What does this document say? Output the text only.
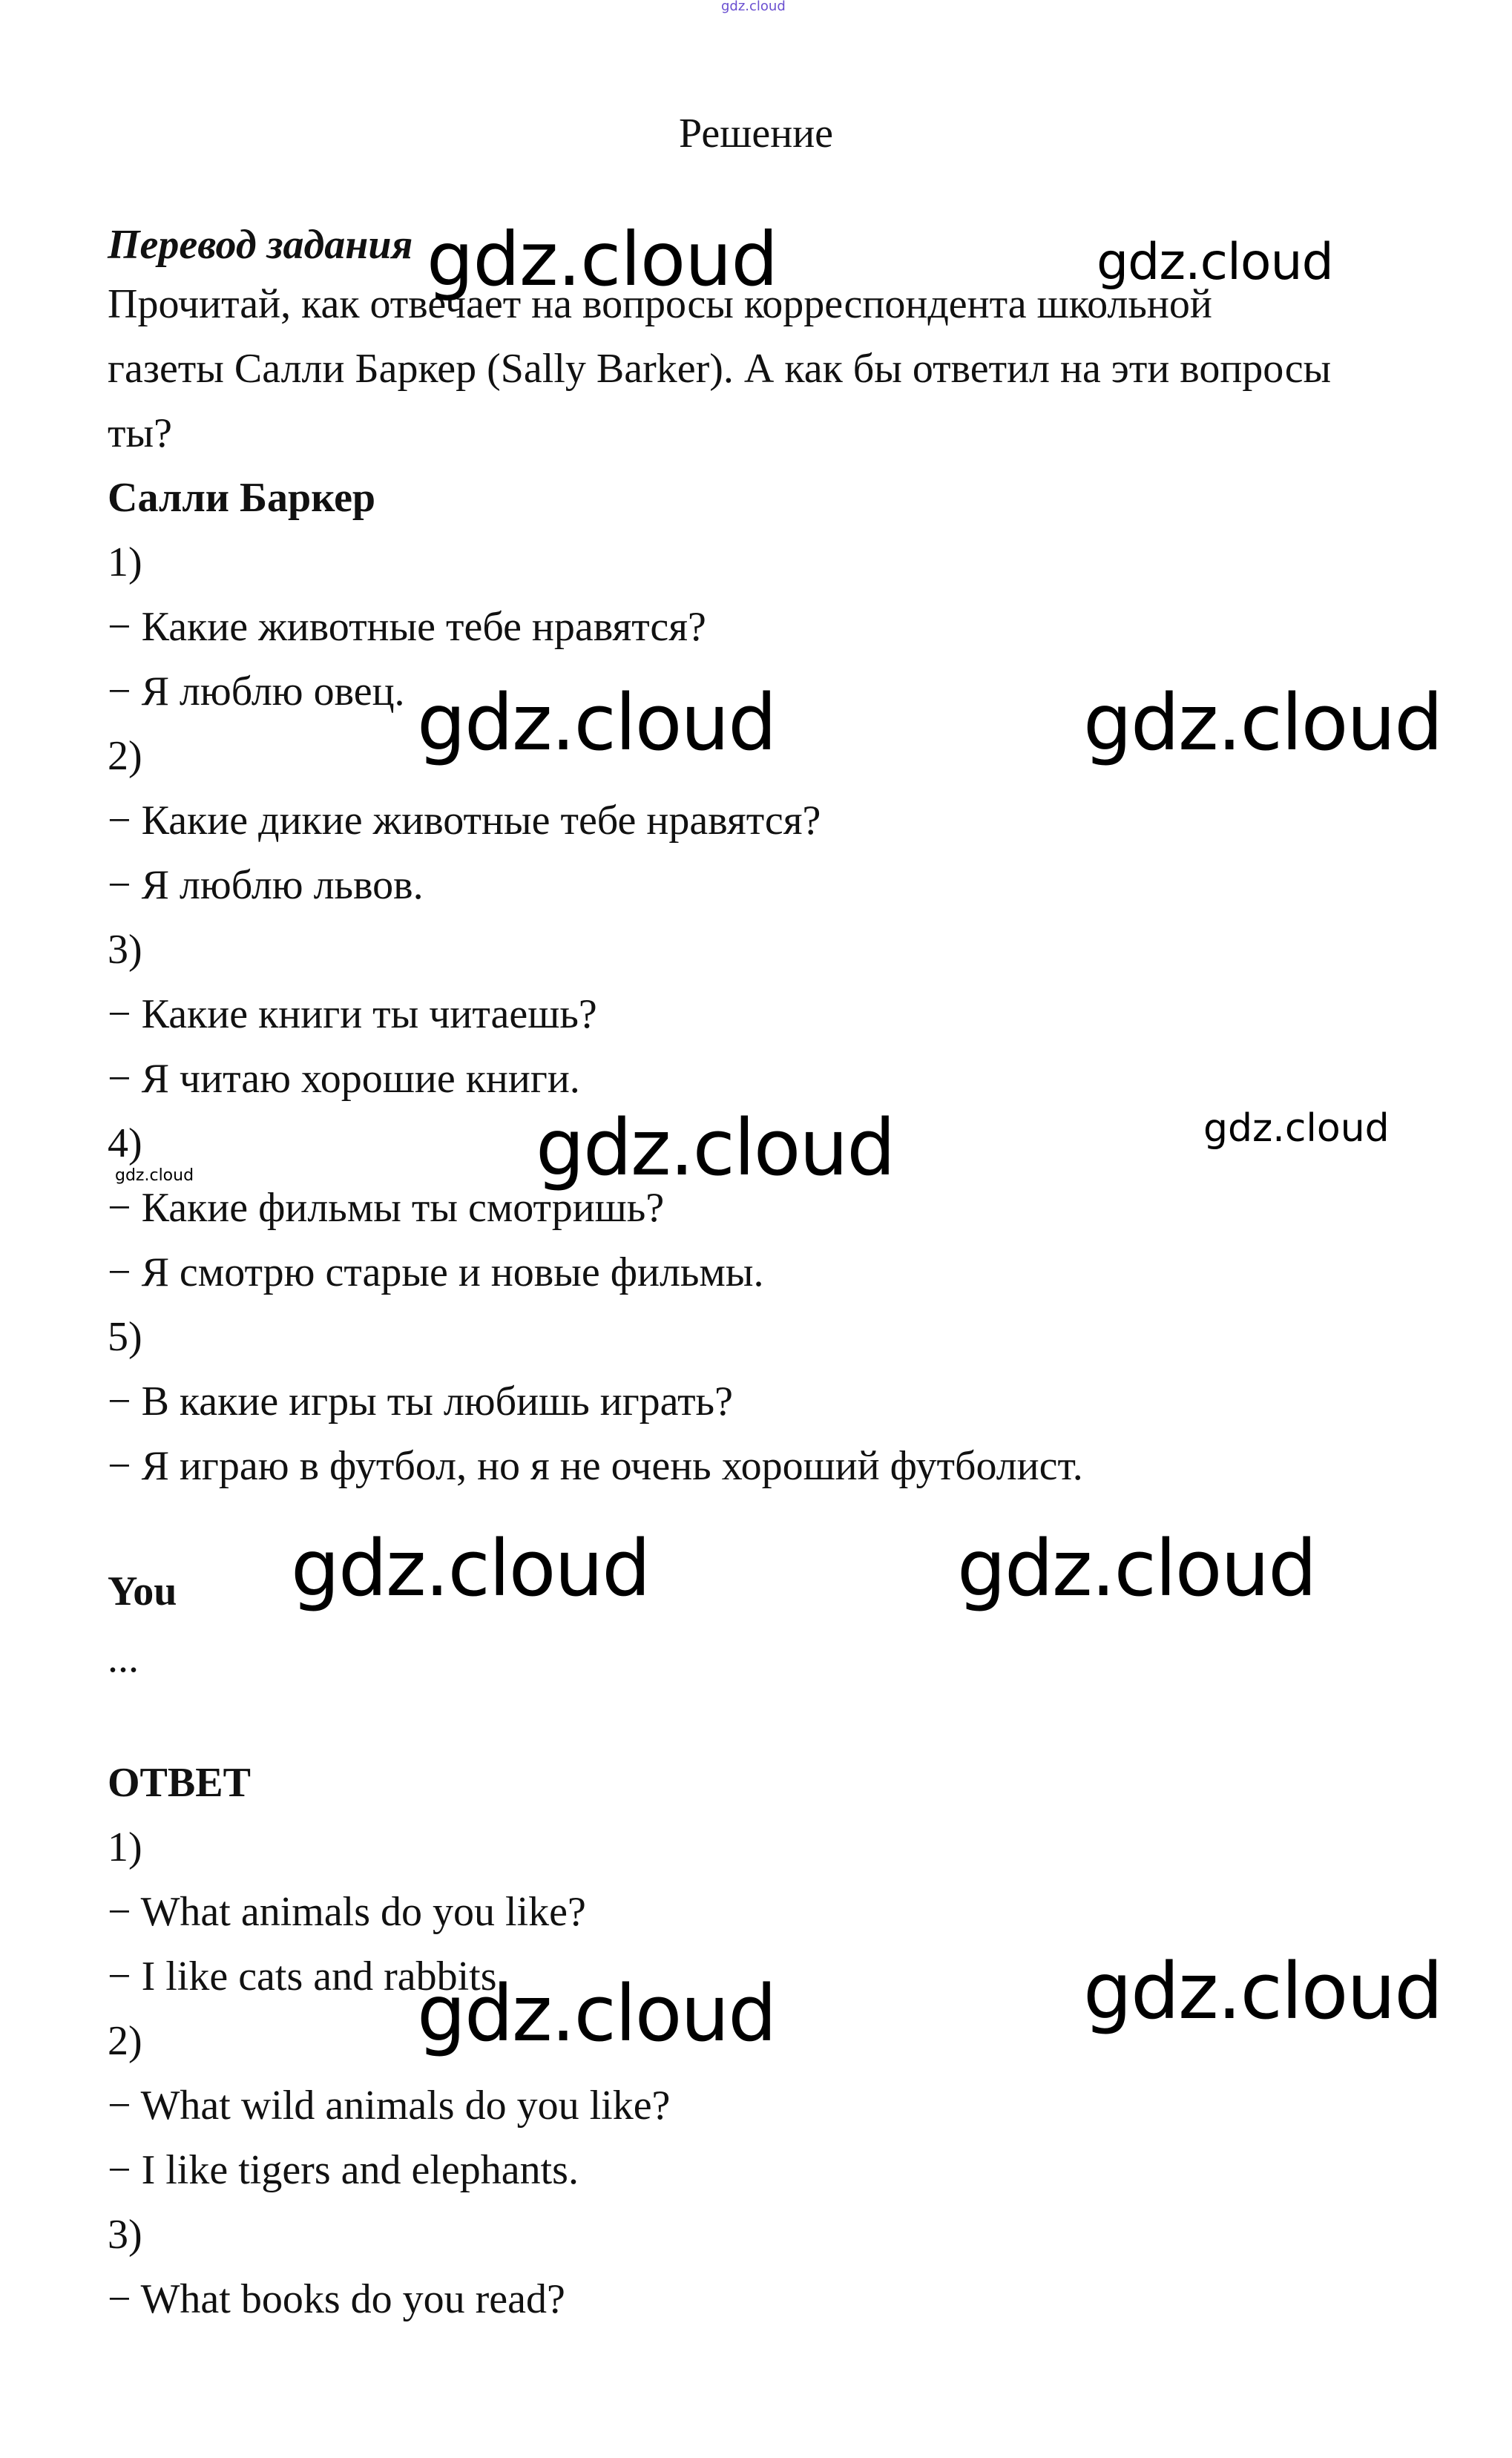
Решение

Перевод задания

Прочитай, как отвечает на вопросы корреспондента школьной

газеты Салли Баркер (Sally Barker). А как бы ответил на эти вопросы

ты?

Салли Баркер

1)

− Какие животные тебе нравятся?

− Я люблю овец.

2)

− Какие дикие животные тебе нравятся?

− Я люблю львов.

3)

− Какие книги ты читаешь?

− Я читаю хорошие книги.

4)

− Какие фильмы ты смотришь?

− Я смотрю старые и новые фильмы.

5)

− В какие игры ты любишь играть?

− Я играю в футбол, но я не очень хороший футболист.

You

...

ОТВЕТ

1)

− What animals do you like?

− I like cats and rabbits.

2)

− What wild animals do you like?

− I like tigers and elephants.

3)

− What books do you read?

gdz.cloud
gdz.cloud	gdz.cloud
gdz.cloud	gdz.cloud
gdz.cloud	gdz.cloud
gdz.cloud
gdz.cloud	gdz.cloud
gdz.cloud	gdz.cloud
